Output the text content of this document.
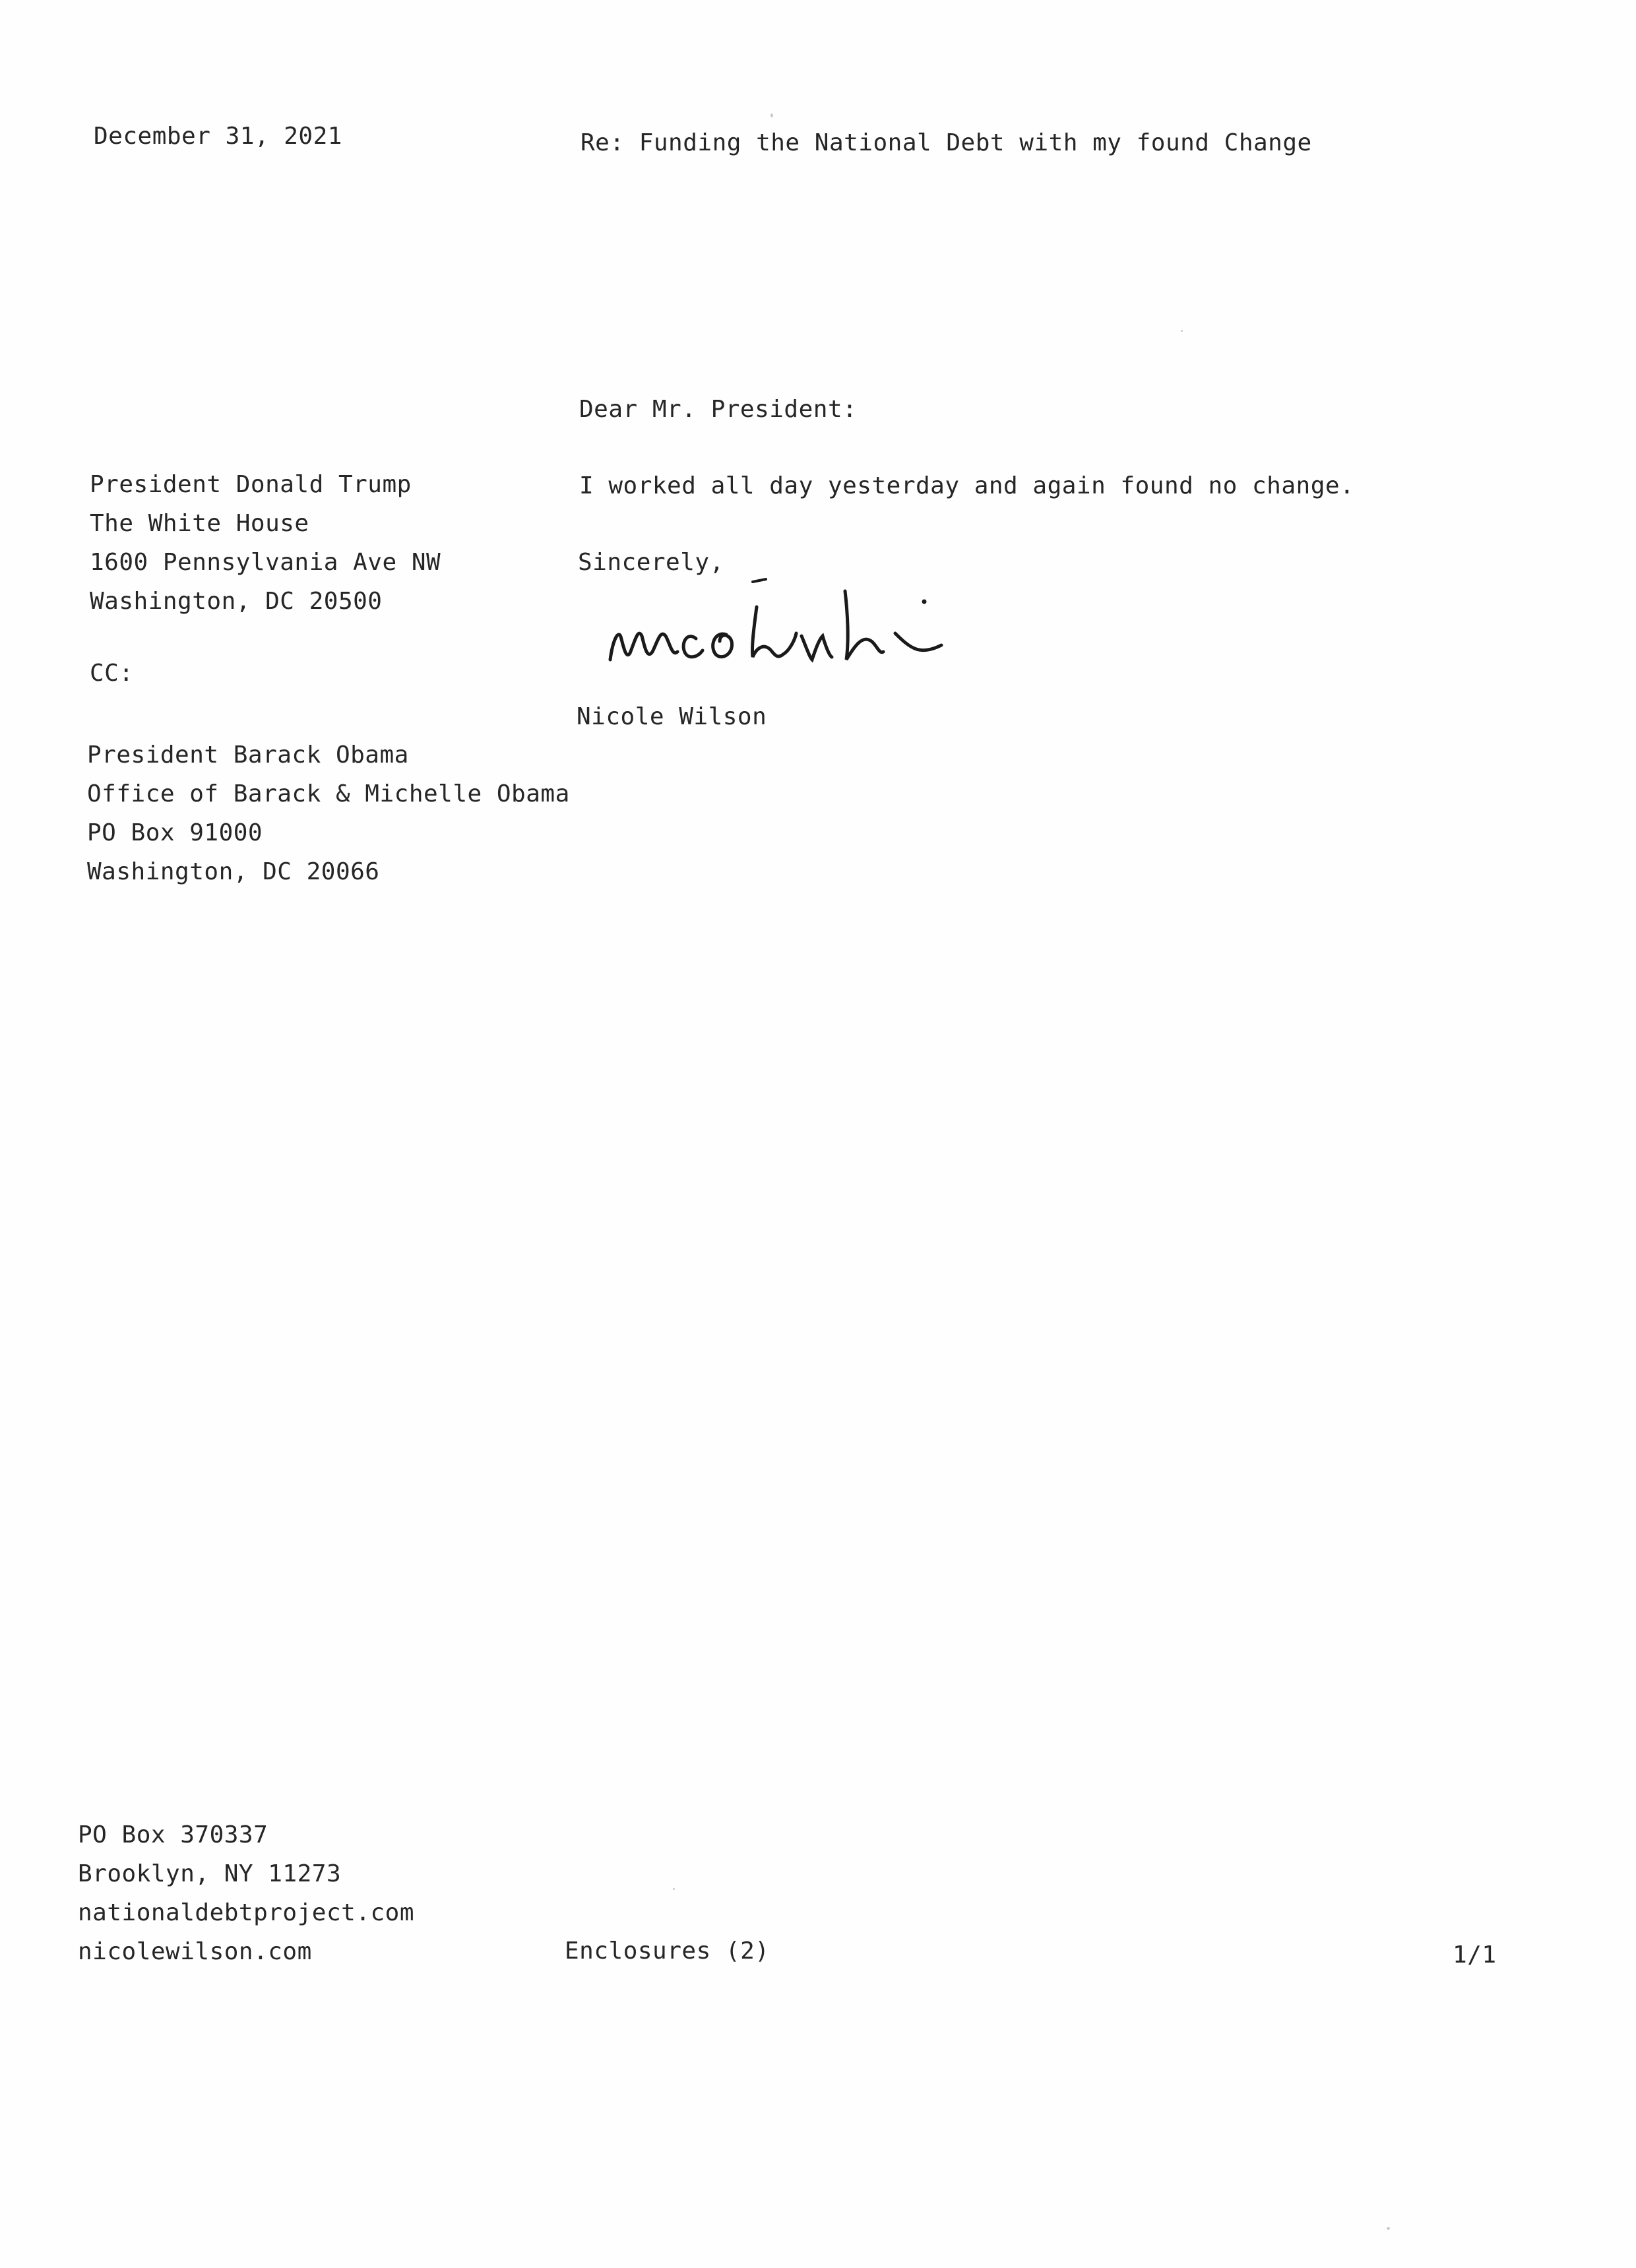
December 31, 2021	Re: Funding the National Debt with my found Change
President Donald Trump
The White House
1600 Pennsylvania Ave NW
Washington, DC 20500
CC:
President Barack Obama
Office of Barack & Michelle Obama
PO Box 91000
Washington, DC 20066
Dear Mr. President:
I worked all day yesterday and again found no change.
Sincerely,
Nicole Wilson
PO Box 370337
Brooklyn, NY 11273
nationaldebtproject.com
nicolewilson.com	Enclosures (2)	1/1
